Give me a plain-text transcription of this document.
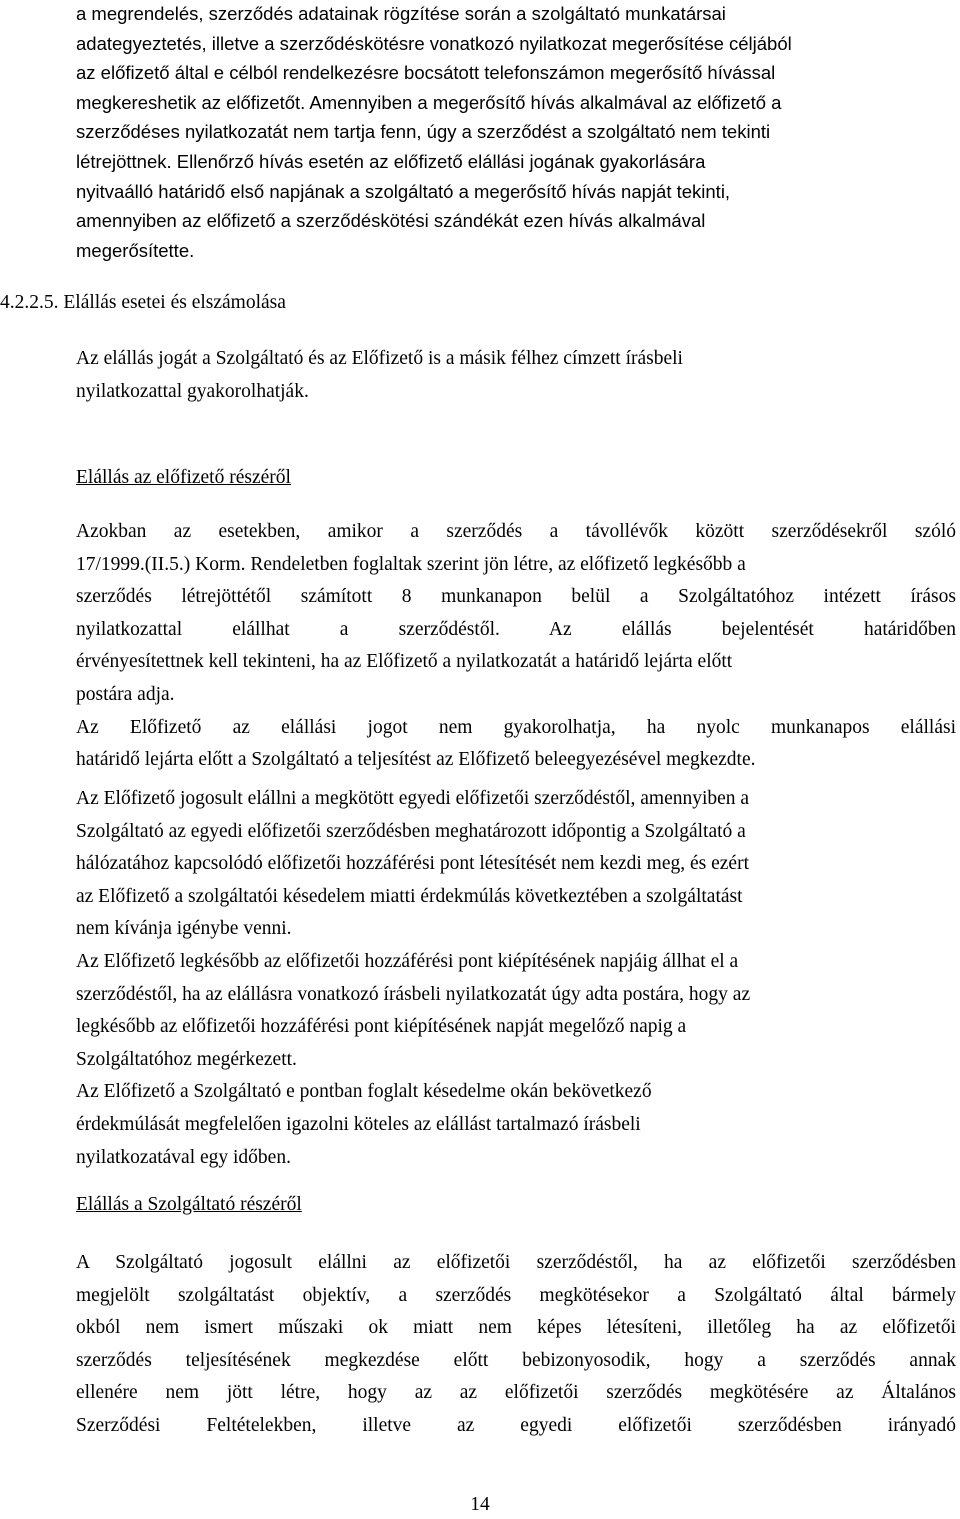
a megrendelés, szerződés adatainak rögzítése során a szolgáltató munkatársai
adategyeztetés, illetve a szerződéskötésre vonatkozó nyilatkozat megerősítése céljából
az előfizető által e célból rendelkezésre bocsátott telefonszámon megerősítő hívással
megkereshetik az előfizetőt. Amennyiben a megerősítő hívás alkalmával az előfizető a
szerződéses nyilatkozatát nem tartja fenn, úgy a szerződést a szolgáltató nem tekinti
létrejöttnek. Ellenőrző hívás esetén az előfizető elállási jogának gyakorlására
nyitvaálló határidő első napjának a szolgáltató a megerősítő hívás napját tekinti,
amennyiben az előfizető a szerződéskötési szándékát ezen hívás alkalmával
megerősítette.

4.2.2.5. Elállás esetei és elszámolása

Az elállás jogát a Szolgáltató és az Előfizető is a másik félhez címzett írásbeli
nyilatkozattal gyakorolhatják.

Elállás az előfizető részéről

Azokban az esetekben, amikor a szerződés a távollévők között szerződésekről szóló
17/1999.(II.5.) Korm. Rendeletben foglaltak szerint jön létre, az előfizető legkésőbb a
szerződés létrejöttétől számított 8 munkanapon belül a Szolgáltatóhoz intézett írásos
nyilatkozattal elállhat a szerződéstől. Az elállás bejelentését határidőben
érvényesítettnek kell tekinteni, ha az Előfizető a nyilatkozatát a határidő lejárta előtt
postára adja.
Az Előfizető az elállási jogot nem gyakorolhatja, ha nyolc munkanapos elállási
határidő lejárta előtt a Szolgáltató a teljesítést az Előfizető beleegyezésével megkezdte.

Az Előfizető jogosult elállni a megkötött egyedi előfizetői szerződéstől, amennyiben a
Szolgáltató az egyedi előfizetői szerződésben meghatározott időpontig a Szolgáltató a
hálózatához kapcsolódó előfizetői hozzáférési pont létesítését nem kezdi meg, és ezért
az Előfizető a szolgáltatói késedelem miatti érdekmúlás következtében a szolgáltatást
nem kívánja igénybe venni.
Az Előfizető legkésőbb az előfizetői hozzáférési pont kiépítésének napjáig állhat el a
szerződéstől, ha az elállásra vonatkozó írásbeli nyilatkozatát úgy adta postára, hogy az
legkésőbb az előfizetői hozzáférési pont kiépítésének napját megelőző napig a
Szolgáltatóhoz megérkezett.
Az Előfizető a Szolgáltató e pontban foglalt késedelme okán bekövetkező
érdekmúlását megfelelően igazolni köteles az elállást tartalmazó írásbeli
nyilatkozatával egy időben.

Elállás a Szolgáltató részéről

A Szolgáltató jogosult elállni az előfizetői szerződéstől, ha az előfizetői szerződésben
megjelölt szolgáltatást objektív, a szerződés megkötésekor a Szolgáltató által bármely
okból nem ismert műszaki ok miatt nem képes létesíteni, illetőleg ha az előfizetői
szerződés teljesítésének megkezdése előtt bebizonyosodik, hogy a szerződés annak
ellenére nem jött létre, hogy az az előfizetői szerződés megkötésére az Általános
Szerződési Feltételekben, illetve az egyedi előfizetői szerződésben irányadó

14
